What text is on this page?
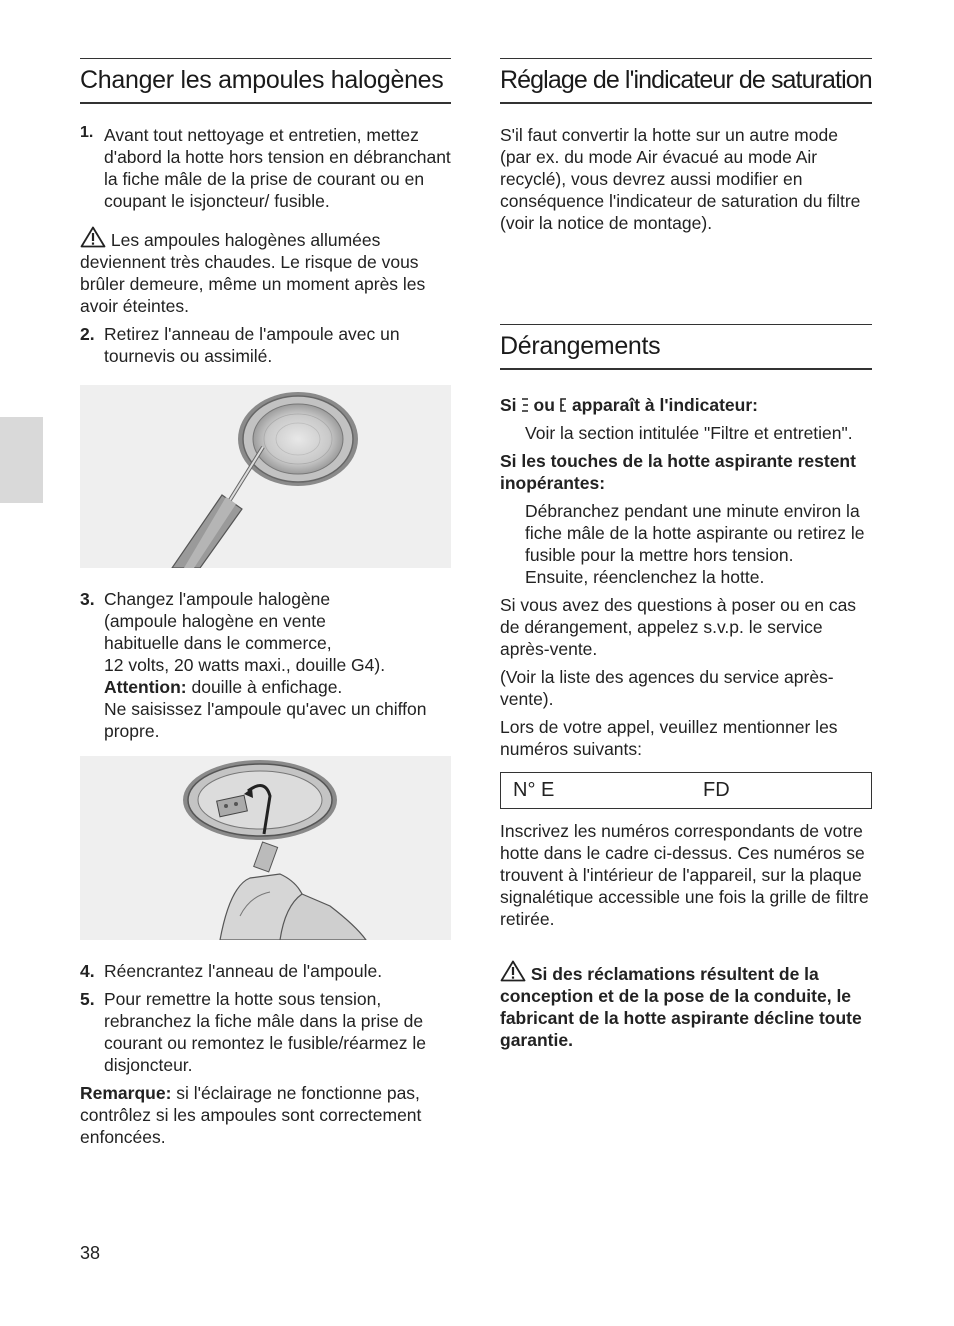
Changer les ampoules halogènes
1. Avant tout nettoyage et entretien, mettez d'abord la hotte hors tension en débranchant la fiche mâle de la prise de courant ou en coupant le isjoncteur/ fusible.

Les ampoules halogènes allumées deviennent très chaudes. Le risque de vous brûler demeure, même un moment après les avoir éteintes.

2. Retirez l'anneau de l'ampoule avec un tournevis ou assimilé.
3. Changez l'ampoule halogène
(ampoule halogène en vente
habituelle dans le commerce,
12 volts, 20 watts maxi., douille G4).
Attention: douille à enfichage.
Ne saisissez l'ampoule qu'avec un chiffon propre.
4. Réencrantez l'anneau de l'ampoule.
5. Pour remettre la hotte sous tension, rebranchez la fiche mâle dans la prise de courant ou remontez le fusible/réarmez le disjoncteur.

Remarque: si l'éclairage ne fonctionne pas, contrôlez si les ampoules sont correctement enfoncées.

Réglage de l'indicateur de saturation

S'il faut convertir la hotte sur un autre mode (par ex. du mode Air évacué au mode Air recyclé), vous devrez aussi modifier en conséquence l'indicateur de saturation du filtre (voir la notice de montage).

Dérangements

Si ou apparaît à l'indicateur:

Voir la section intitulée "Filtre et entretien".

Si les touches de la hotte aspirante restent inopérantes:

Débranchez pendant une minute environ la fiche mâle de la hotte aspirante ou retirez le fusible pour la mettre hors tension.

Ensuite, réenclenchez la hotte.

Si vous avez des questions à poser ou en cas de dérangement, appelez s.v.p. le service après-vente.

(Voir la liste des agences du service après-vente).

Lors de votre appel, veuillez mentionner les numéros suivants:

N° E	FD

Inscrivez les numéros correspondants de votre hotte dans le cadre ci-dessus. Ces numéros se trouvent à l'intérieur de l'appareil, sur la plaque signalétique accessible une fois la grille de filtre retirée.

Si des réclamations résultent de la conception et de la pose de la conduite, le fabricant de la hotte aspirante décline toute garantie.

38
